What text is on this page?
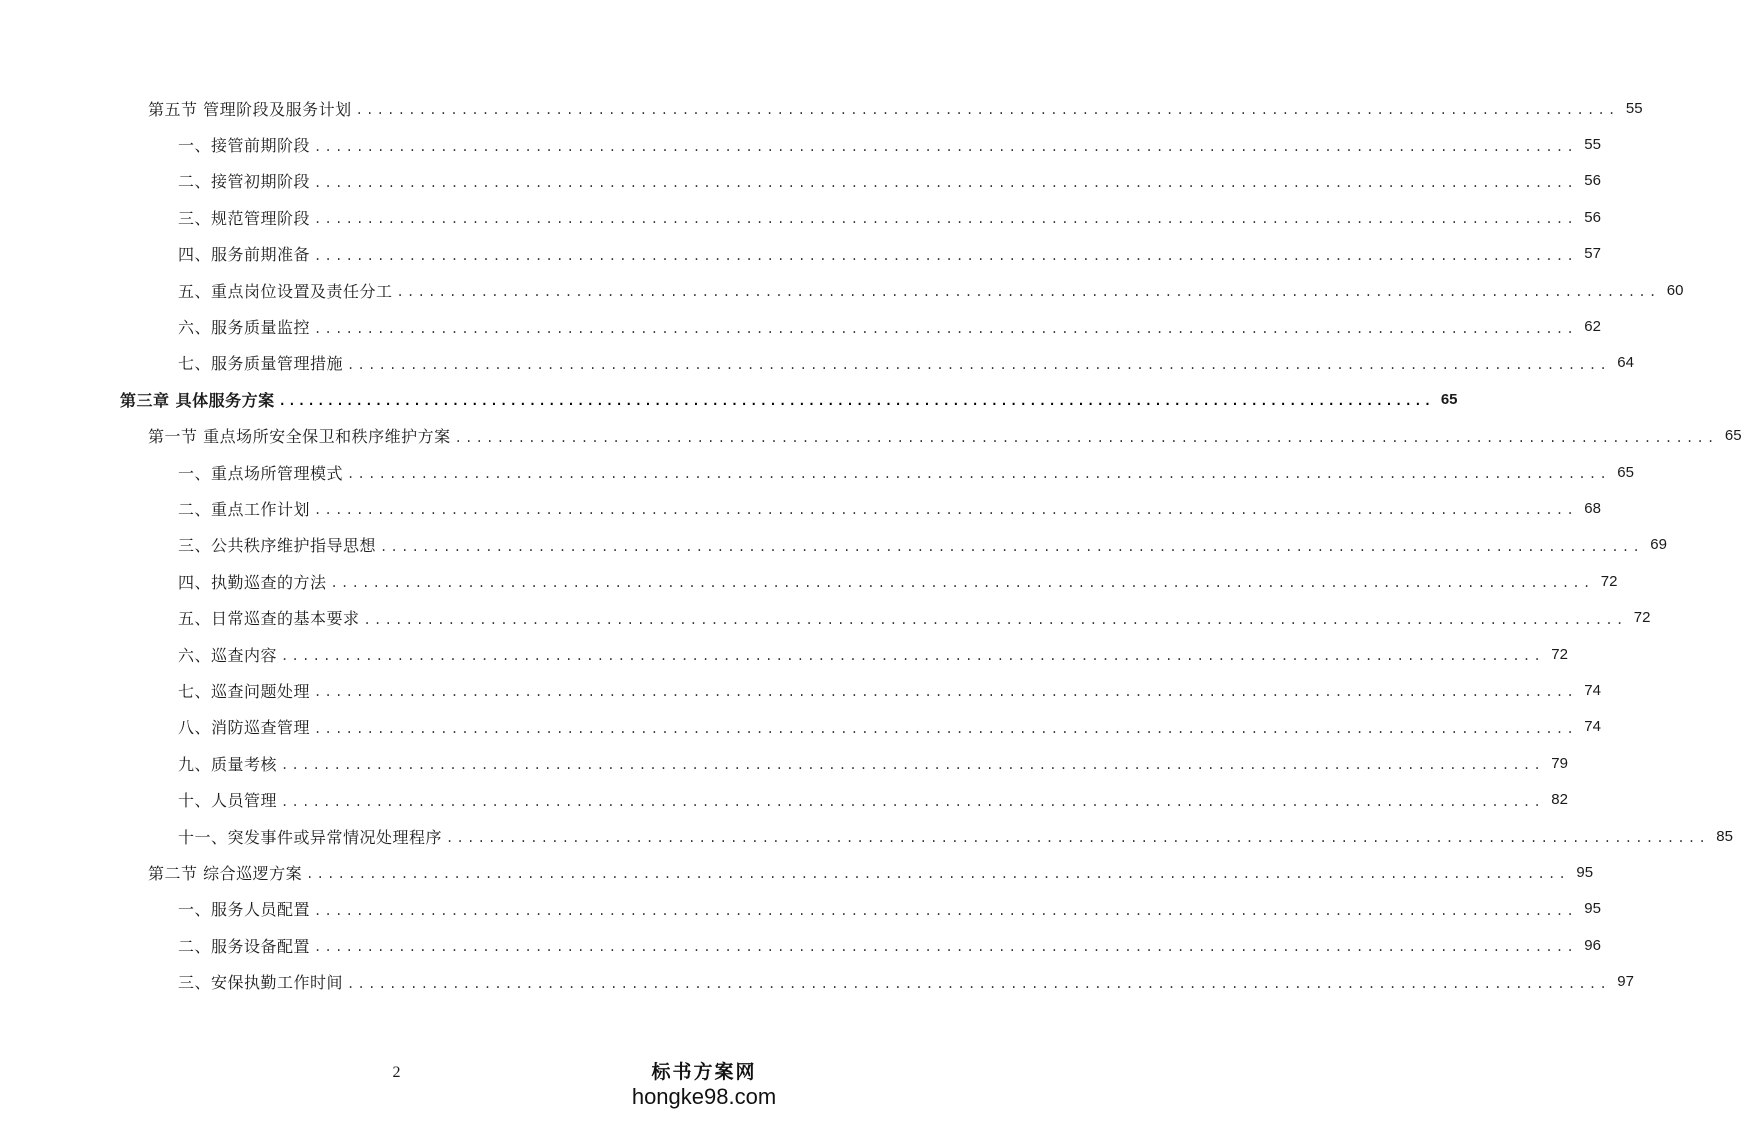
第五节 管理阶段及服务计划 ........................................................................................................................ 55
一、接管前期阶段 ........................................................................................................................ 55
二、接管初期阶段 ........................................................................................................................ 56
三、规范管理阶段 ........................................................................................................................ 56
四、服务前期准备 ........................................................................................................................ 57
五、重点岗位设置及责任分工 ........................................................................................................................ 60
六、服务质量监控 ........................................................................................................................ 62
七、服务质量管理措施 ........................................................................................................................ 64
第三章 具体服务方案 ........................................................................................................................ 65
第一节 重点场所安全保卫和秩序维护方案 ........................................................................................................................ 65
一、重点场所管理模式 ........................................................................................................................ 65
二、重点工作计划 ........................................................................................................................ 68
三、公共秩序维护指导思想 ........................................................................................................................ 69
四、执勤巡查的方法 ........................................................................................................................ 72
五、日常巡查的基本要求 ........................................................................................................................ 72
六、巡查内容 ........................................................................................................................ 72
七、巡查问题处理 ........................................................................................................................ 74
八、消防巡查管理 ........................................................................................................................ 74
九、质量考核 ........................................................................................................................ 79
十、人员管理 ........................................................................................................................ 82
十一、突发事件或异常情况处理程序 ........................................................................................................................ 85
第二节 综合巡逻方案 ........................................................................................................................ 95
一、服务人员配置 ........................................................................................................................ 95
二、服务设备配置 ........................................................................................................................ 96
三、安保执勤工作时间 ........................................................................................................................ 97
2	标书方案网
hongke98.com
